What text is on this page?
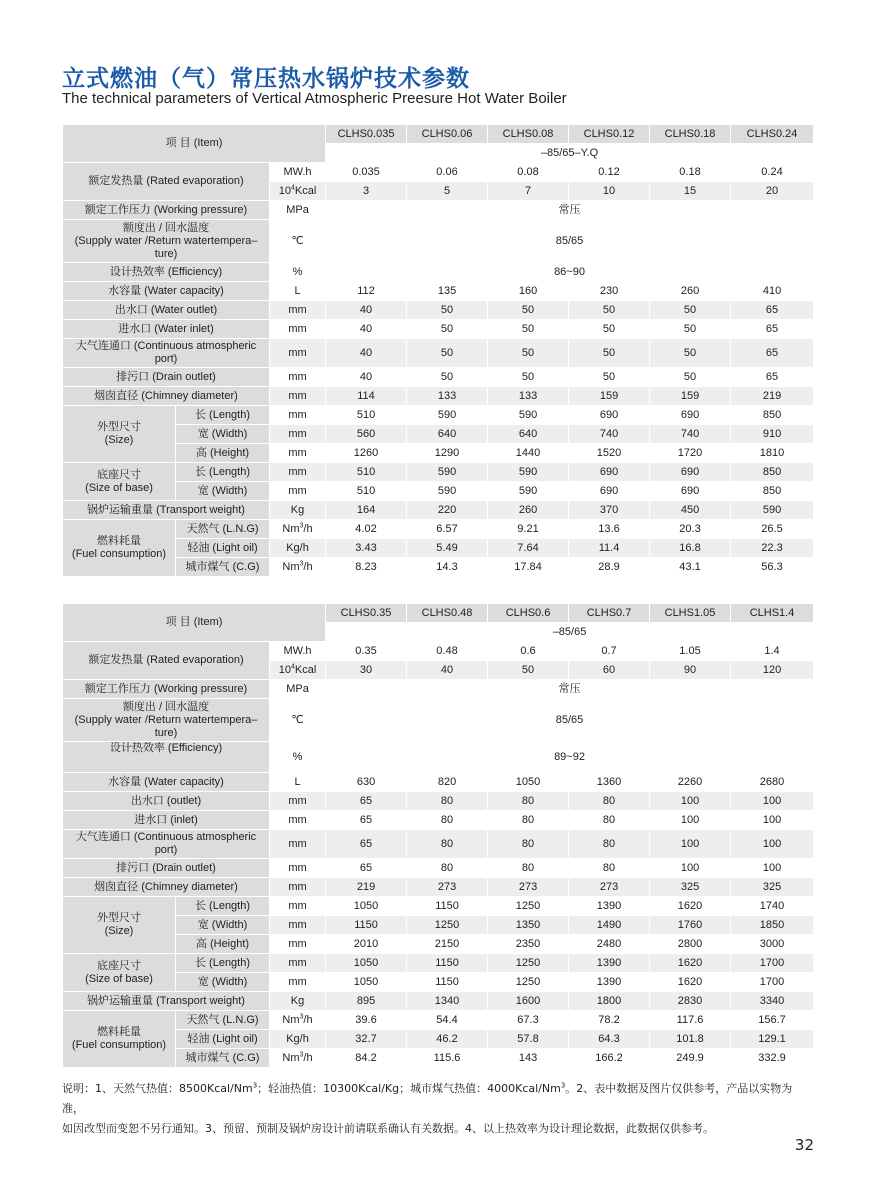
立式燃油（气）常压热水锅炉技术参数
The technical parameters of Vertical Atmospheric Preesure Hot Water Boiler
项 目 (Item)			CLHS0.035	CLHS0.06	CLHS0.08	CLHS0.12	CLHS0.18	CLHS0.24
			–85/65–Y.Q					
额定发热量 (Rated evaporation)		MW.h	0.035	0.06	0.08	0.12	0.18	0.24
		$10^4Kcal$	3	5	7	10	15	20
额定工作压力 (Working pressure)		MPa	常压					
额度出 / 回水温度
(Supply water /Return watertempera–
ture)		℃	85/65					
设计热效率 (Efficiency)		%	86~90					
水容量 (Water capacity)		L	112	135	160	230	260	410
出水口 (Water outlet)		mm	40	50	50	50	50	65
进水口 (Water inlet)		mm	40	50	50	50	50	65
大气连通口 (Continuous atmospheric
port)		mm	40	50	50	50	50	65
排污口 (Drain outlet)		mm	40	50	50	50	50	65
烟囱直径 (Chimney diameter)		mm	114	133	133	159	159	219
外型尺寸
(Size)	长 (Length)	mm	510	590	590	690	690	850
	宽 (Width)	mm	560	640	640	740	740	910
	高 (Height)	mm	1260	1290	1440	1520	1720	1810
底座尺寸
(Size of base)	长 (Length)	mm	510	590	590	690	690	850
	宽 (Width)	mm	510	590	590	690	690	850
锅炉运输重量 (Transport weight)		Kg	164	220	260	370	450	590
燃料耗量
(Fuel consumption)	天然气 (L.N.G)	Nm$^3$/h	4.02	6.57	9.21	13.6	20.3	26.5
	轻油 (Light oil)	Kg/h	3.43	5.49	7.64	11.4	16.8	22.3
	城市煤气 (C.G)	Nm$^3$/h	8.23	14.3	17.84	28.9	43.1	56.3
项 目 (Item)			CLHS0.35	CLHS0.48	CLHS0.6	CLHS0.7	CLHS1.05	CLHS1.4
			–85/65					
额定发热量 (Rated evaporation)		MW.h	0.35	0.48	0.6	0.7	1.05	1.4
		$10^4Kcal$	30	40	50	60	90	120
额定工作压力 (Working pressure)		MPa	常压					
额度出 / 回水温度
(Supply water /Return watertempera–
ture)		℃	85/65					
设计热效率 (Efficiency)		%	89~92					
水容量 (Water capacity)		L	630	820	1050	1360	2260	2680
出水口 (outlet)		mm	65	80	80	80	100	100
进水口 (inlet)		mm	65	80	80	80	100	100
大气连通口 (Continuous atmospheric
port)		mm	65	80	80	80	100	100
排污口 (Drain outlet)		mm	65	80	80	80	100	100
烟囱直径 (Chimney diameter)		mm	219	273	273	273	325	325
外型尺寸
(Size)	长 (Length)	mm	1050	1150	1250	1390	1620	1740
	宽 (Width)	mm	1150	1250	1350	1490	1760	1850
	高 (Height)	mm	2010	2150	2350	2480	2800	3000
底座尺寸
(Size of base)	长 (Length)	mm	1050	1150	1250	1390	1620	1700
	宽 (Width)	mm	1050	1150	1250	1390	1620	1700
锅炉运输重量 (Transport weight)		Kg	895	1340	1600	1800	2830	3340
燃料耗量
(Fuel consumption)	天然气 (L.N.G)	Nm$^3$/h	39.6	54.4	67.3	78.2	117.6	156.7
	轻油 (Light oil)	Kg/h	32.7	46.2	57.8	64.3	101.8	129.1
	城市煤气 (C.G)	Nm$^3$/h	84.2	115.6	143	166.2	249.9	332.9
说明：1、天然气热值：8500Kcal/Nm$^3$；轻油热值：10300Kcal/Kg；城市煤气热值：4000Kcal/Nm$^3$。2、表中数据及图片仅供参考，产品以实物为准，
如因改型而变恕不另行通知。3、预留、预制及锅炉房设计前请联系确认有关数据。4、以上热效率为设计理论数据，此数据仅供参考。
32
